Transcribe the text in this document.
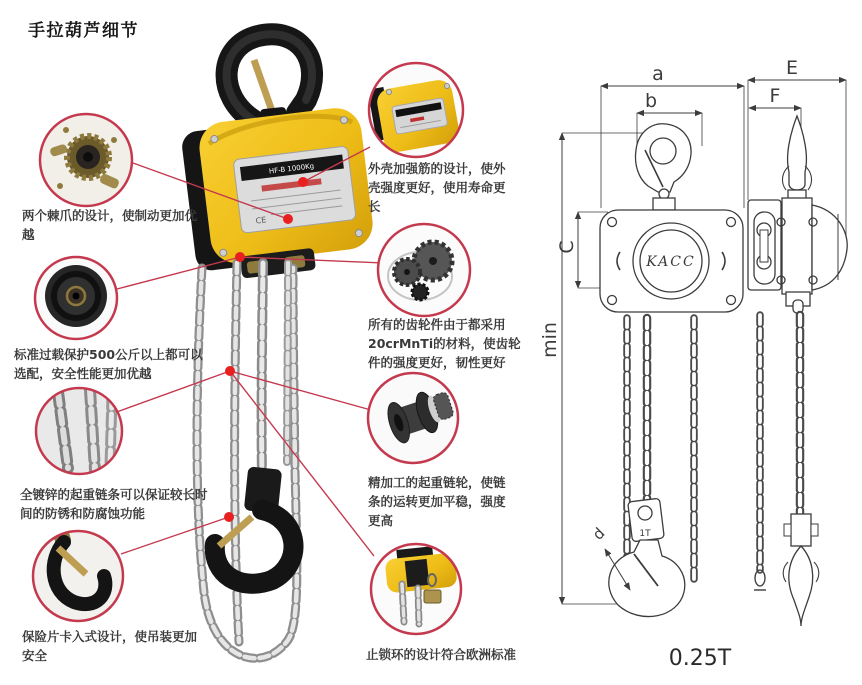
HF-B 1000Kg
CE
a
b
C
min
d
E
F
KACC
1T
0.25T
手拉葫芦细节
两个棘爪的设计，使制动更加优越
标准过载保护500公斤以上都可以选配，安全性能更加优越
全镀锌的起重链条可以保证较长时间的防锈和防腐蚀功能
保险片卡入式设计，使吊装更加安全
外壳加强筋的设计，使外壳强度更好，使用寿命更长
所有的齿轮件由于都采用20crMnTi的材料，使齿轮件的强度更好，韧性更好
精加工的起重链轮，使链条的运转更加平稳，强度更高
止锁环的设计符合欧洲标准
